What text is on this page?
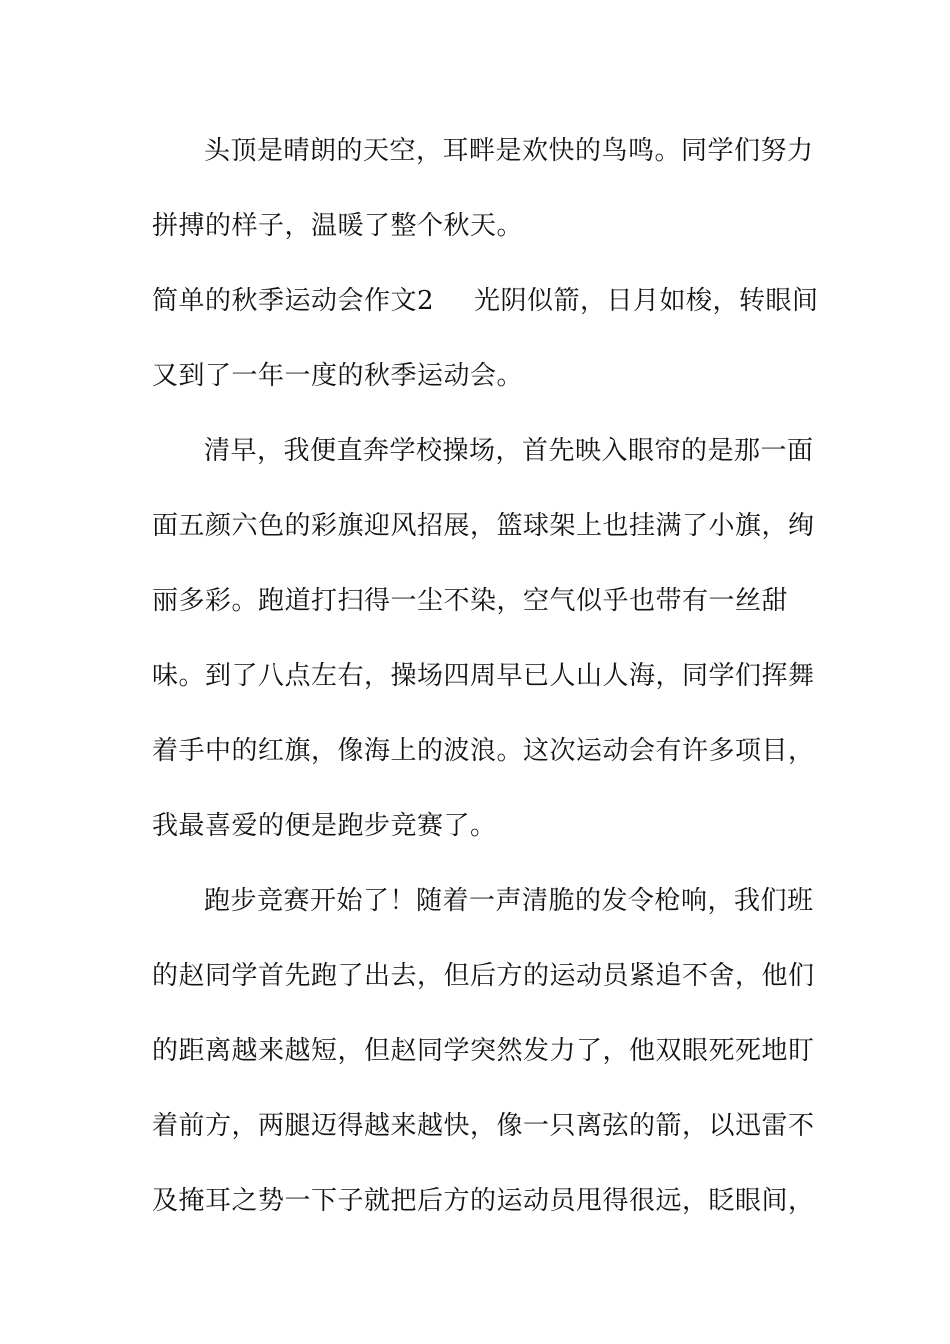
头顶是晴朗的天空，耳畔是欢快的鸟鸣。同学们努力
拼搏的样子，温暖了整个秋天。
简单的秋季运动会作文2 光阴似箭，日月如梭，转眼间
又到了一年一度的秋季运动会。
清早，我便直奔学校操场，首先映入眼帘的是那一面
面五颜六色的彩旗迎风招展，篮球架上也挂满了小旗，绚
丽多彩。跑道打扫得一尘不染，空气似乎也带有一丝甜
味。到了八点左右，操场四周早已人山人海，同学们挥舞
着手中的红旗，像海上的波浪。这次运动会有许多项目，
我最喜爱的便是跑步竞赛了。
跑步竞赛开始了！随着一声清脆的发令枪响，我们班
的赵同学首先跑了出去，但后方的运动员紧追不舍，他们
的距离越来越短，但赵同学突然发力了，他双眼死死地盯
着前方，两腿迈得越来越快，像一只离弦的箭，以迅雷不
及掩耳之势一下子就把后方的运动员甩得很远，眨眼间，
